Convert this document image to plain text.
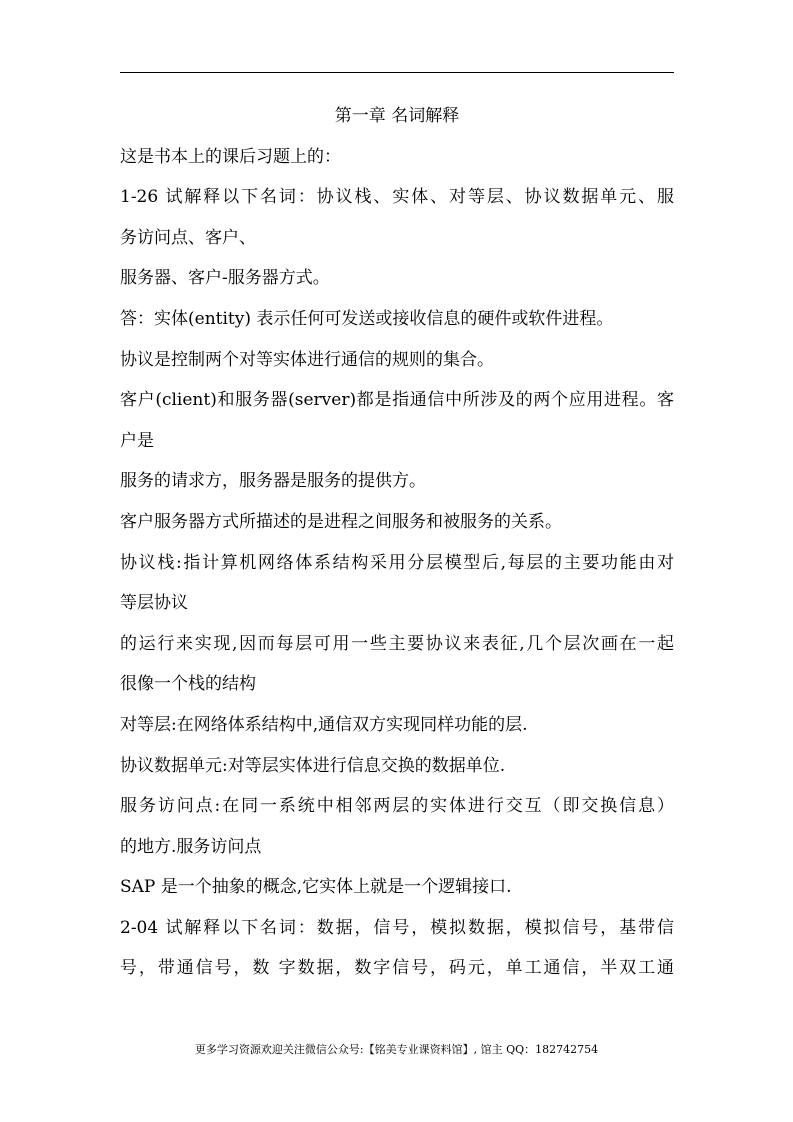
第一章 名词解释
这是书本上的课后习题上的：
1-26 试解释以下名词：协议栈、实体、对等层、协议数据单元、服
务访问点、客户、
服务器、客户-服务器方式。
答：实体(entity) 表示任何可发送或接收信息的硬件或软件进程。
协议是控制两个对等实体进行通信的规则的集合。
客户(client)和服务器(server)都是指通信中所涉及的两个应用进程。客
户是
服务的请求方，服务器是服务的提供方。
客户服务器方式所描述的是进程之间服务和被服务的关系。
协议栈:指计算机网络体系结构采用分层模型后,每层的主要功能由对
等层协议
的运行来实现,因而每层可用一些主要协议来表征,几个层次画在一起
很像一个栈的结构
对等层:在网络体系结构中,通信双方实现同样功能的层.
协议数据单元:对等层实体进行信息交换的数据单位.
服务访问点:在同一系统中相邻两层的实体进行交互（即交换信息）
的地方.服务访问点
SAP 是一个抽象的概念,它实体上就是一个逻辑接口.
2-04 试解释以下名词：数据，信号，模拟数据，模拟信号，基带信
号，带通信号，数 字数据，数字信号，码元，单工通信，半双工通
更多学习资源欢迎关注微信公众号:【铭美专业课资料馆】, 馆主 QQ：182742754
